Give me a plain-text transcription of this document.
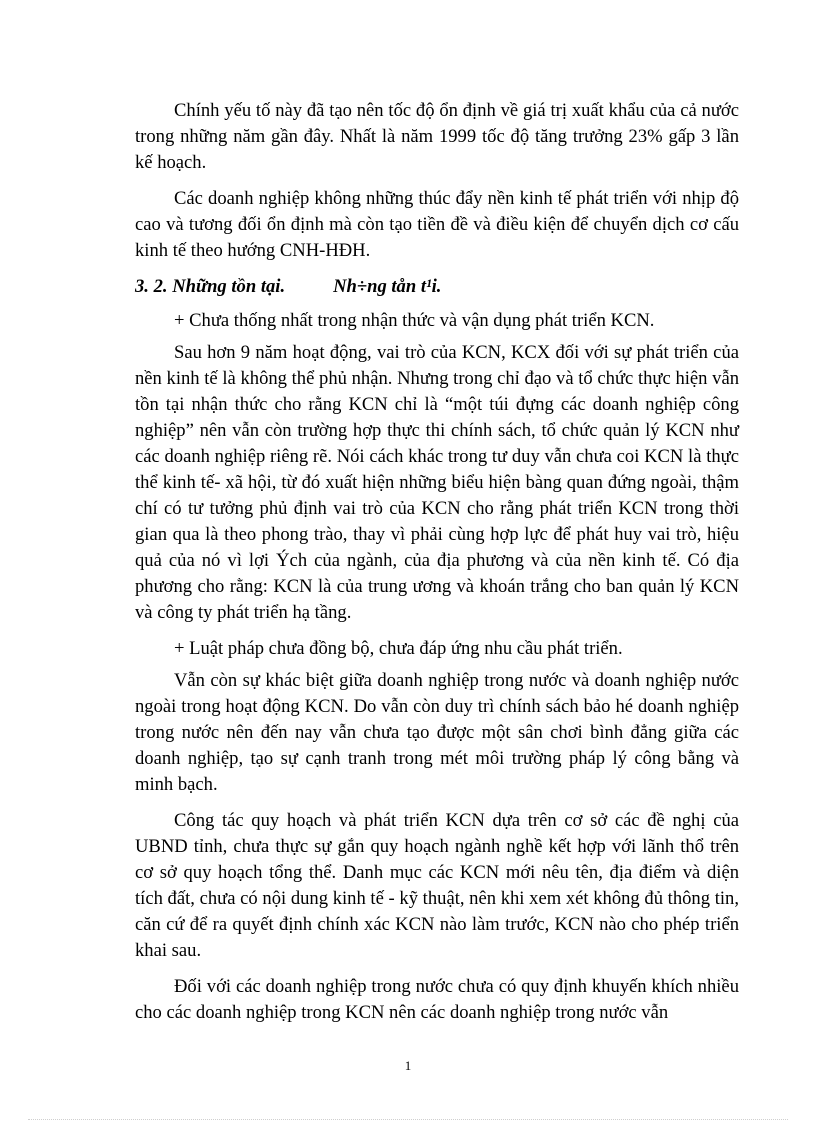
Chính yếu tố này đã tạo nên tốc độ ổn định về giá trị xuất khẩu của cả nước trong những năm gần đây. Nhất là năm 1999 tốc độ tăng trưởng 23% gấp 3 lần kế hoạch.

Các doanh nghiệp không những thúc đẩy nền kinh tế phát triển với nhịp độ cao và tương đối ổn định mà còn tạo tiền đề và điều kiện để chuyển dịch cơ cấu kinh tế theo hướng CNH-HĐH.

3. 2. Những tồn tại.	Nh÷ng tån t¹i.

+ Chưa thống nhất trong nhận thức và vận dụng phát triển KCN.

Sau hơn 9 năm hoạt động, vai trò của KCN, KCX đối với sự phát triển của nền kinh tế là không thể phủ nhận. Nhưng trong chỉ đạo và tổ chức thực hiện vẫn tồn tại nhận thức cho rằng KCN chỉ là “một túi đựng các doanh nghiệp công nghiệp” nên vẫn còn trường hợp thực thi chính sách, tổ chức quản lý KCN như các doanh nghiệp riêng rẽ. Nói cách khác trong tư duy vẫn chưa coi KCN là thực thể kinh tế- xã hội, từ đó xuất hiện những biểu hiện bàng quan đứng ngoài, thậm chí có tư tưởng phủ định vai trò của KCN cho rằng phát triển KCN trong thời gian qua là theo phong trào, thay vì phải cùng hợp lực để phát huy vai trò, hiệu quả của nó vì lợi Ých của ngành, của địa phương và của nền kinh tế. Có địa phương cho rằng: KCN là của trung ương và khoán trắng cho ban quản lý KCN và công ty phát triển hạ tầng.

+ Luật pháp chưa đồng bộ, chưa đáp ứng nhu cầu phát triển.

Vẫn còn sự khác biệt giữa doanh nghiệp trong nước và doanh nghiệp nước ngoài trong hoạt động KCN. Do vẫn còn duy trì chính sách bảo hé doanh nghiệp trong nước nên đến nay vẫn chưa tạo được một sân chơi bình đẳng giữa các doanh nghiệp, tạo sự cạnh tranh trong mét môi trường pháp lý công bằng và minh bạch.

Công tác quy hoạch và phát triển KCN dựa trên cơ sở các đề nghị của UBND tỉnh, chưa thực sự gắn quy hoạch ngành nghề kết hợp với lãnh thổ trên cơ sở quy hoạch tổng thể. Danh mục các KCN mới nêu tên, địa điểm và diện tích đất, chưa có nội dung kinh tế - kỹ thuật, nên khi xem xét không đủ thông tin, căn cứ để ra quyết định chính xác KCN nào làm trước, KCN nào cho phép triển khai sau.

Đối với các doanh nghiệp trong nước chưa có quy định khuyến khích nhiều cho các doanh nghiệp trong KCN nên các doanh nghiệp trong nước vẫn

1
